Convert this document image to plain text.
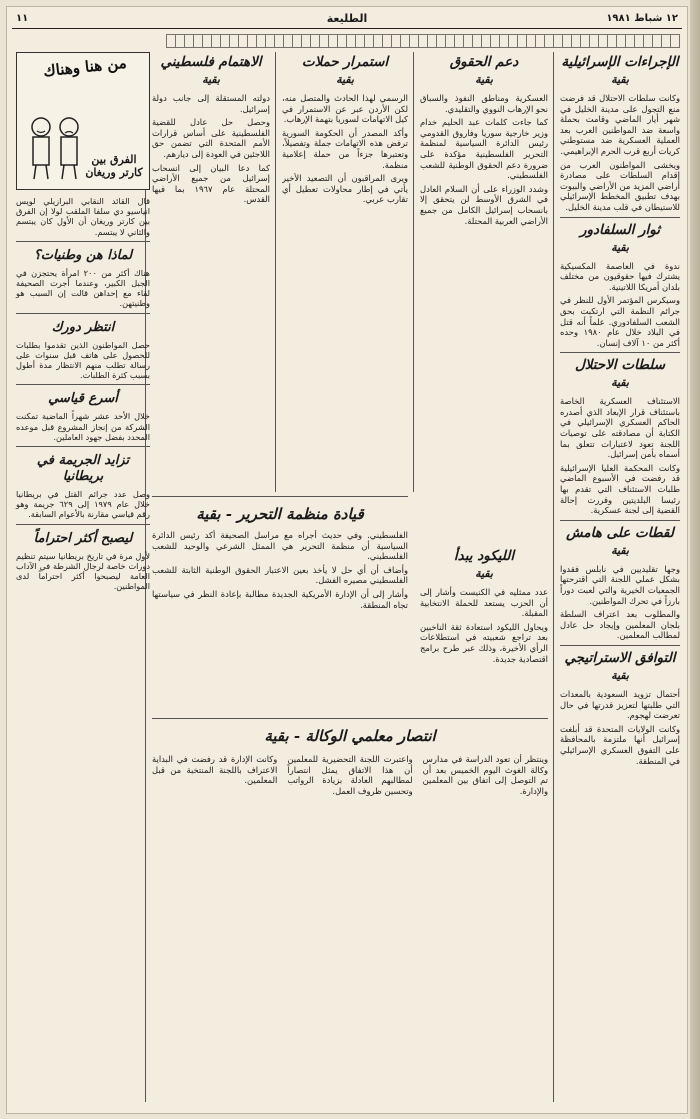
١٢ شباط ١٩٨١
الطليعة
١١
الإجراءات الإسرائيلية
بقية

وكانت سلطات الاحتلال قد فرضت منع التجول على مدينة الخليل في شهر أيار الماضي وقامت بحملة واسعة ضد المواطنين العرب بعد العملية العسكرية ضد مستوطني كريات أربع قرب الحرم الإبراهيمي.

ويخشى المواطنون العرب من إقدام السلطات على مصادرة أراضي المزيد من الأراضي والبيوت بهدف تطبيق المخطط الإسرائيلي للاستيطان في قلب مدينة الخليل.

ثوار السلفادور
بقية

ندوة في العاصمة المكسيكية يشترك فيها حقوقيون من مختلف بلدان أمريكا اللاتينية.

وسيكرس المؤتمر الأول للنظر في جرائم النظمة التي ارتكبت بحق الشعب السلفادوري. علماً أنه قتل في البلاد خلال عام ١٩٨٠ وحده أكثر من ١٠ آلاف إنسان.

سلطات الاحتلال
بقية

الاستئناف العسكرية الخاصة باستئناف قرار الإبعاد الذي أصدره الحاكم العسكري الإسرائيلي في الكتابة أن مصادقته على توصيات اللجنة تعود لاعتبارات تتعلق بما أسماه بأمن إسرائيل.

وكانت المحكمة العليا الإسرائيلية قد رفضت في الأسبوع الماضي طلبات الاستئناف التي تقدم بها رئيسا البلديتين وقررت إحالة القضية إلى لجنة عسكرية.

لقطات على هامش
بقية

وجها تقليديين في نابلس فقدوا بشكل عملي اللجنة التي اقترحتها الجمعيات الخيرية والتي لعبت دوراً بارزاً في تحرك المواطنين.

والمطلوب بعد اعتراف السلطة بلجان المعلمين وإيجاد حل عادل لمطالب المعلمين.

التوافق الاستراتيجي
بقية

أحتمال تزويد السعودية بالمعدات التي طلبتها لتعزيز قدرتها في حال تعرضت لهجوم.

وكانت الولايات المتحدة قد أبلغت إسرائيل أنها ملتزمة بالمحافظة على التفوق العسكري الإسرائيلي في المنطقة.

دعم الحقوق
بقية

العسكرية ومناطق النفوذ والسباق نحو الإرهاب النووي والتقليدي.

كما جاءت كلمات عبد الحليم خدام وزير خارجية سوريا وفاروق القدومي رئيس الدائرة السياسية لمنظمة التحرير الفلسطينية مؤكدة على ضرورة دعم الحقوق الوطنية للشعب الفلسطيني.

وشدد الوزراء على أن السلام العادل في الشرق الأوسط لن يتحقق إلا بانسحاب إسرائيل الكامل من جميع الأراضي العربية المحتلة.

استمرار حملات
بقية

الرسمي لهذا الحادث والمتصل منه، لكن الأردن عبر عن الاستمرار في كيل الاتهامات لسوريا بتهمة الإرهاب.

وأكد المصدر أن الحكومة السورية ترفض هذه الاتهامات جملة وتفصيلاً، وتعتبرها جزءاً من حملة إعلامية منظمة.

ويرى المراقبون أن التصعيد الأخير يأتي في إطار محاولات تعطيل أي تقارب عربي.

الاهتمام فلسطيني
بقية

دولته المستقلة إلى جانب دولة إسرائيل.

وحصل حل عادل للقضية الفلسطينية على أساس قرارات الأمم المتحدة التي تضمن حق اللاجئين في العودة إلى ديارهم.

كما دعا البيان إلى انسحاب إسرائيل من جميع الأراضي المحتلة عام ١٩٦٧ بما فيها القدس.

قيادة منظمة التحرير - بقية

الفلسطيني. وفي حديث أجراه مع مراسل الصحيفة أكد رئيس الدائرة السياسية أن منظمة التحرير هي الممثل الشرعي والوحيد للشعب الفلسطيني.

وأضاف أن أي حل لا يأخذ بعين الاعتبار الحقوق الوطنية الثابتة للشعب الفلسطيني مصيره الفشل.

وأشار إلى أن الإدارة الأمريكية الجديدة مطالبة بإعادة النظر في سياستها تجاه المنطقة.

الليكود يبدأ
بقية

عدد ممثليه في الكنيست وأشار إلى أن الحزب يستعد للحملة الانتخابية المقبلة.

ويحاول الليكود استعادة ثقة الناخبين بعد تراجع شعبيته في استطلاعات الرأي الأخيرة، وذلك عبر طرح برامج اقتصادية جديدة.

انتصار معلمي الوكالة - بقية

وينتظر أن تعود الدراسة في مدارس وكالة الغوث اليوم الخميس بعد أن تم التوصل إلى اتفاق بين المعلمين والإدارة.

واعتبرت اللجنة التحضيرية للمعلمين أن هذا الاتفاق يمثل انتصاراً لمطالبهم العادلة بزيادة الرواتب وتحسين ظروف العمل.

وكانت الإدارة قد رفضت في البداية الاعتراف باللجنة المنتخبة من قبل المعلمين.

من هنا وهناك
الفرق بين كارتر وريغان

قال القائد النقابي البرازيلي لويس انياسيو دي سلفا الملقب لولا إن الفرق بين كارتر وريغان أن الأول كان يبتسم والثاني لا يبتسم.

لماذا هن وطنيات؟

هناك أكثر من ٢٠٠ امرأة يحتجزن في الجبل الكبير، وعندما أجرت الصحيفة لقاء مع إحداهن قالت إن السبب هو وطنيتهن.

انتظر دورك

حصل المواطنون الذين تقدموا بطلبات للحصول على هاتف قبل سنوات على رسالة تطلب منهم الانتظار مدة أطول بسبب كثرة الطلبات.

أسرع قياسي

خلال الأحد عشر شهراً الماضية تمكنت الشركة من إنجاز المشروع قبل موعده المحدد بفضل جهود العاملين.

تزايد الجريمة في بريطانيا

وصل عدد جرائم القتل في بريطانيا خلال عام ١٩٧٩ إلى ٦٢٩ جريمة وهو رقم قياسي مقارنة بالأعوام السابقة.

ليصبح أكثر احتراماً

لأول مرة في تاريخ بريطانيا سيتم تنظيم دورات خاصة لرجال الشرطة في الآداب العامة ليصبحوا أكثر احتراماً لدى المواطنين.
